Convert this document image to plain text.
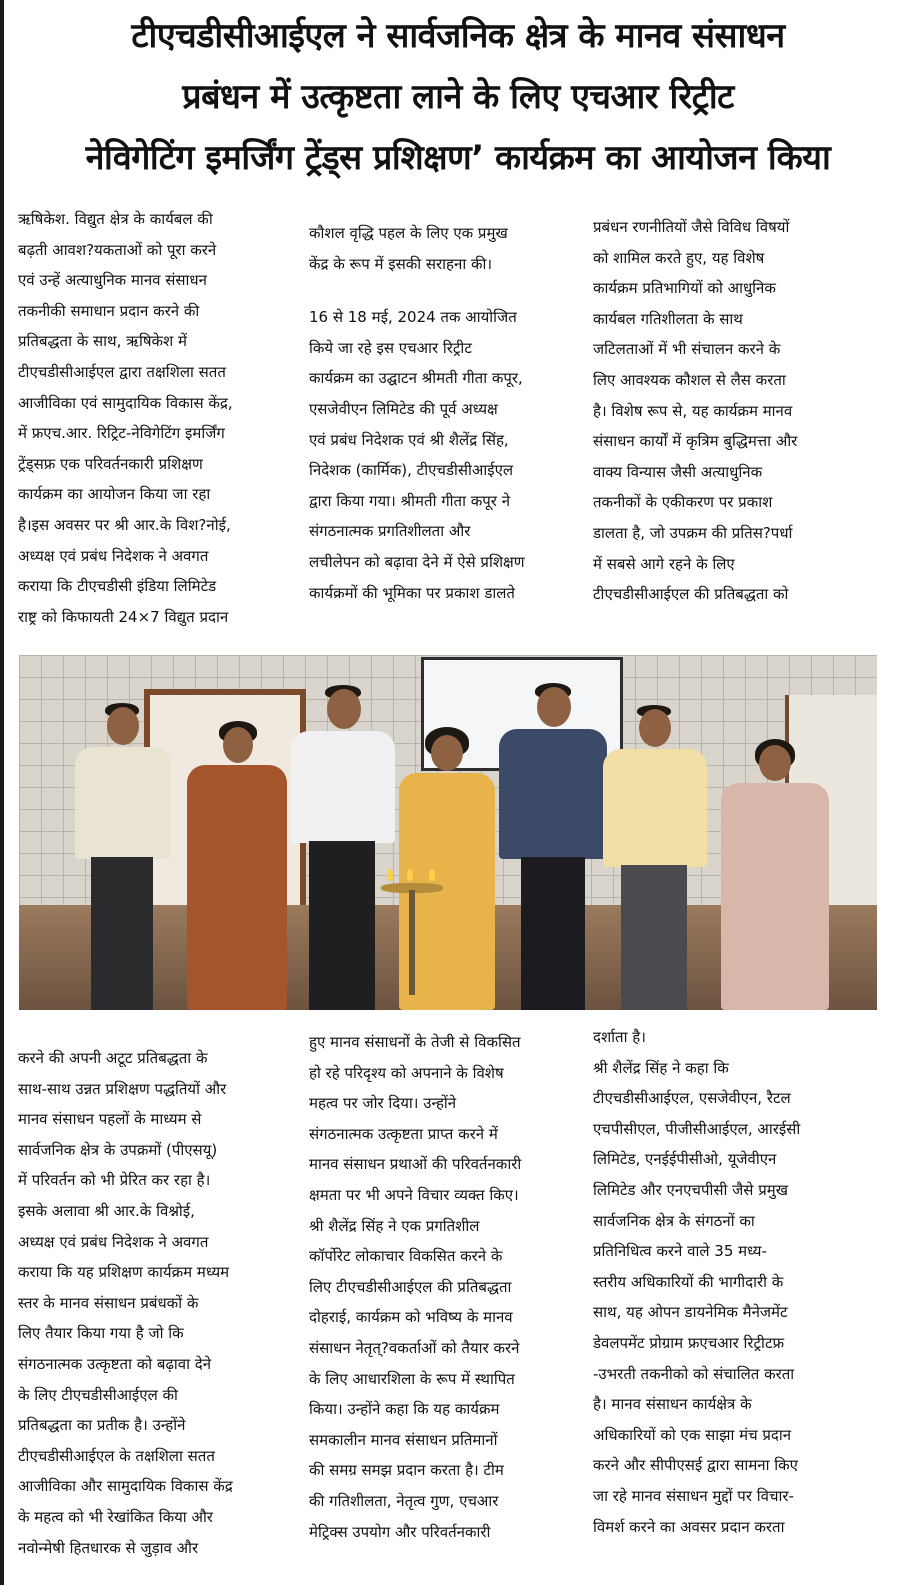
टीएचडीसीआईएल ने सार्वजनिक क्षेत्र के मानव संसाधन
प्रबंधन में उत्कृष्टता लाने के लिए एचआर रिट्रीट
नेविगेटिंग इमर्जिंग ट्रेंड्स प्रशिक्षण’ कार्यक्रम का आयोजन किया
ऋषिकेश. विद्युत क्षेत्र के कार्यबल की
बढ़ती आवश?यकताओं को पूरा करने
एवं उन्हें अत्याधुनिक मानव संसाधन
तकनीकी समाधान प्रदान करने की
प्रतिबद्धता के साथ, ऋषिकेश में
टीएचडीसीआईएल द्वारा तक्षशिला सतत
आजीविका एवं सामुदायिक विकास केंद्र,
में फ्रएच.आर. रिट्रिट-नेविगेटिंग इमर्जिंग
ट्रेंड्सफ्र एक परिवर्तनकारी प्रशिक्षण
कार्यक्रम का आयोजन किया जा रहा
है।इस अवसर पर श्री आर.के विश?नोई,
अध्यक्ष एवं प्रबंध निदेशक ने अवगत
कराया कि टीएचडीसी इंडिया लिमिटेड
राष्ट्र को किफायती 24×7 विद्युत प्रदान
कौशल वृद्धि पहल के लिए एक प्रमुख
केंद्र के रूप में इसकी सराहना की।
16 से 18 मई, 2024 तक आयोजित
किये जा रहे इस एचआर रिट्रीट
कार्यक्रम का उद्घाटन श्रीमती गीता कपूर,
एसजेवीएन लिमिटेड की पूर्व अध्यक्ष
एवं प्रबंध निदेशक एवं श्री शैलेंद्र सिंह,
निदेशक (कार्मिक), टीएचडीसीआईएल
द्वारा किया गया। श्रीमती गीता कपूर ने
संगठनात्मक प्रगतिशीलता और
लचीलेपन को बढ़ावा देने में ऐसे प्रशिक्षण
कार्यक्रमों की भूमिका पर प्रकाश डालते
प्रबंधन रणनीतियों जैसे विविध विषयों
को शामिल करते हुए, यह विशेष
कार्यक्रम प्रतिभागियों को आधुनिक
कार्यबल गतिशीलता के साथ
जटिलताओं में भी संचालन करने के
लिए आवश्यक कौशल से लैस करता
है। विशेष रूप से, यह कार्यक्रम मानव
संसाधन कार्यों में कृत्रिम बुद्धिमत्ता और
वाक्य विन्यास जैसी अत्याधुनिक
तकनीकों के एकीकरण पर प्रकाश
डालता है, जो उपक्रम की प्रतिस?पर्धा
में सबसे आगे रहने के लिए
टीएचडीसीआईएल की प्रतिबद्धता को
करने की अपनी अटूट प्रतिबद्धता के
साथ-साथ उन्नत प्रशिक्षण पद्धतियों और
मानव संसाधन पहलों के माध्यम से
सार्वजनिक क्षेत्र के उपक्रमों (पीएसयू)
में परिवर्तन को भी प्रेरित कर रहा है।
इसके अलावा श्री आर.के विश्नोई,
अध्यक्ष एवं प्रबंध निदेशक ने अवगत
कराया कि यह प्रशिक्षण कार्यक्रम मध्यम
स्तर के मानव संसाधन प्रबंधकों के
लिए तैयार किया गया है जो कि
संगठनात्मक उत्कृष्टता को बढ़ावा देने
के लिए टीएचडीसीआईएल की
प्रतिबद्धता का प्रतीक है। उन्होंने
टीएचडीसीआईएल के तक्षशिला सतत
आजीविका और सामुदायिक विकास केंद्र
के महत्व को भी रेखांकित किया और
नवोन्मेषी हितधारक से जुड़ाव और
हुए मानव संसाधनों के तेजी से विकसित
हो रहे परिदृश्य को अपनाने के विशेष
महत्व पर जोर दिया। उन्होंने
संगठनात्मक उत्कृष्टता प्राप्त करने में
मानव संसाधन प्रथाओं की परिवर्तनकारी
क्षमता पर भी अपने विचार व्यक्त किए।
श्री शैलेंद्र सिंह ने एक प्रगतिशील
कॉर्पोरेट लोकाचार विकसित करने के
लिए टीएचडीसीआईएल की प्रतिबद्धता
दोहराई, कार्यक्रम को भविष्य के मानव
संसाधन नेतृत्?वकर्ताओं को तैयार करने
के लिए आधारशिला के रूप में स्थापित
किया। उन्होंने कहा कि यह कार्यक्रम
समकालीन मानव संसाधन प्रतिमानों
की समग्र समझ प्रदान करता है। टीम
की गतिशीलता, नेतृत्व गुण, एचआर
मेट्रिक्स उपयोग और परिवर्तनकारी
दर्शाता है।
श्री शैलेंद्र सिंह ने कहा कि
टीएचडीसीआईएल, एसजेवीएन, रैटल
एचपीसीएल, पीजीसीआईएल, आरईसी
लिमिटेड, एनईईपीसीओ, यूजेवीएन
लिमिटेड और एनएचपीसी जैसे प्रमुख
सार्वजनिक क्षेत्र के संगठनों का
प्रतिनिधित्व करने वाले 35 मध्य-
स्तरीय अधिकारियों की भागीदारी के
साथ, यह ओपन डायनेमिक मैनेजमेंट
डेवलपमेंट प्रोग्राम फ्रएचआर रिट्रीटफ्र
-उभरती तकनीको को संचालित करता
है। मानव संसाधन कार्यक्षेत्र के
अधिकारियों को एक साझा मंच प्रदान
करने और सीपीएसई द्वारा सामना किए
जा रहे मानव संसाधन मुद्दों पर विचार-
विमर्श करने का अवसर प्रदान करता
